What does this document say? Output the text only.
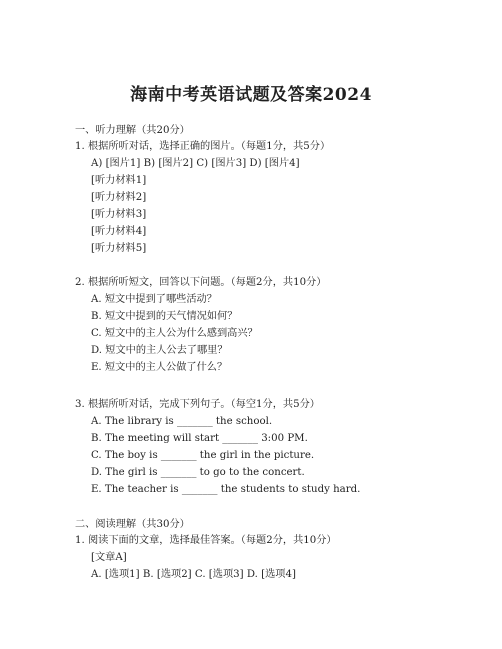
海南中考英语试题及答案2024
一、听力理解（共20分）
1. 根据所听对话，选择正确的图片。（每题1分，共5分）
A) [图片1] B) [图片2] C) [图片3] D) [图片4]
[听力材料1]
[听力材料2]
[听力材料3]
[听力材料4]
[听力材料5]
2. 根据所听短文，回答以下问题。（每题2分，共10分）
A. 短文中提到了哪些活动？
B. 短文中提到的天气情况如何？
C. 短文中的主人公为什么感到高兴？
D. 短文中的主人公去了哪里？
E. 短文中的主人公做了什么？
3. 根据所听对话，完成下列句子。（每空1分，共5分）
A. The library is _______ the school.
B. The meeting will start _______ 3:00 PM.
C. The boy is _______ the girl in the picture.
D. The girl is _______ to go to the concert.
E. The teacher is _______ the students to study hard.
二、阅读理解（共30分）
1. 阅读下面的文章，选择最佳答案。（每题2分，共10分）
[文章A]
A. [选项1] B. [选项2] C. [选项3] D. [选项4]
